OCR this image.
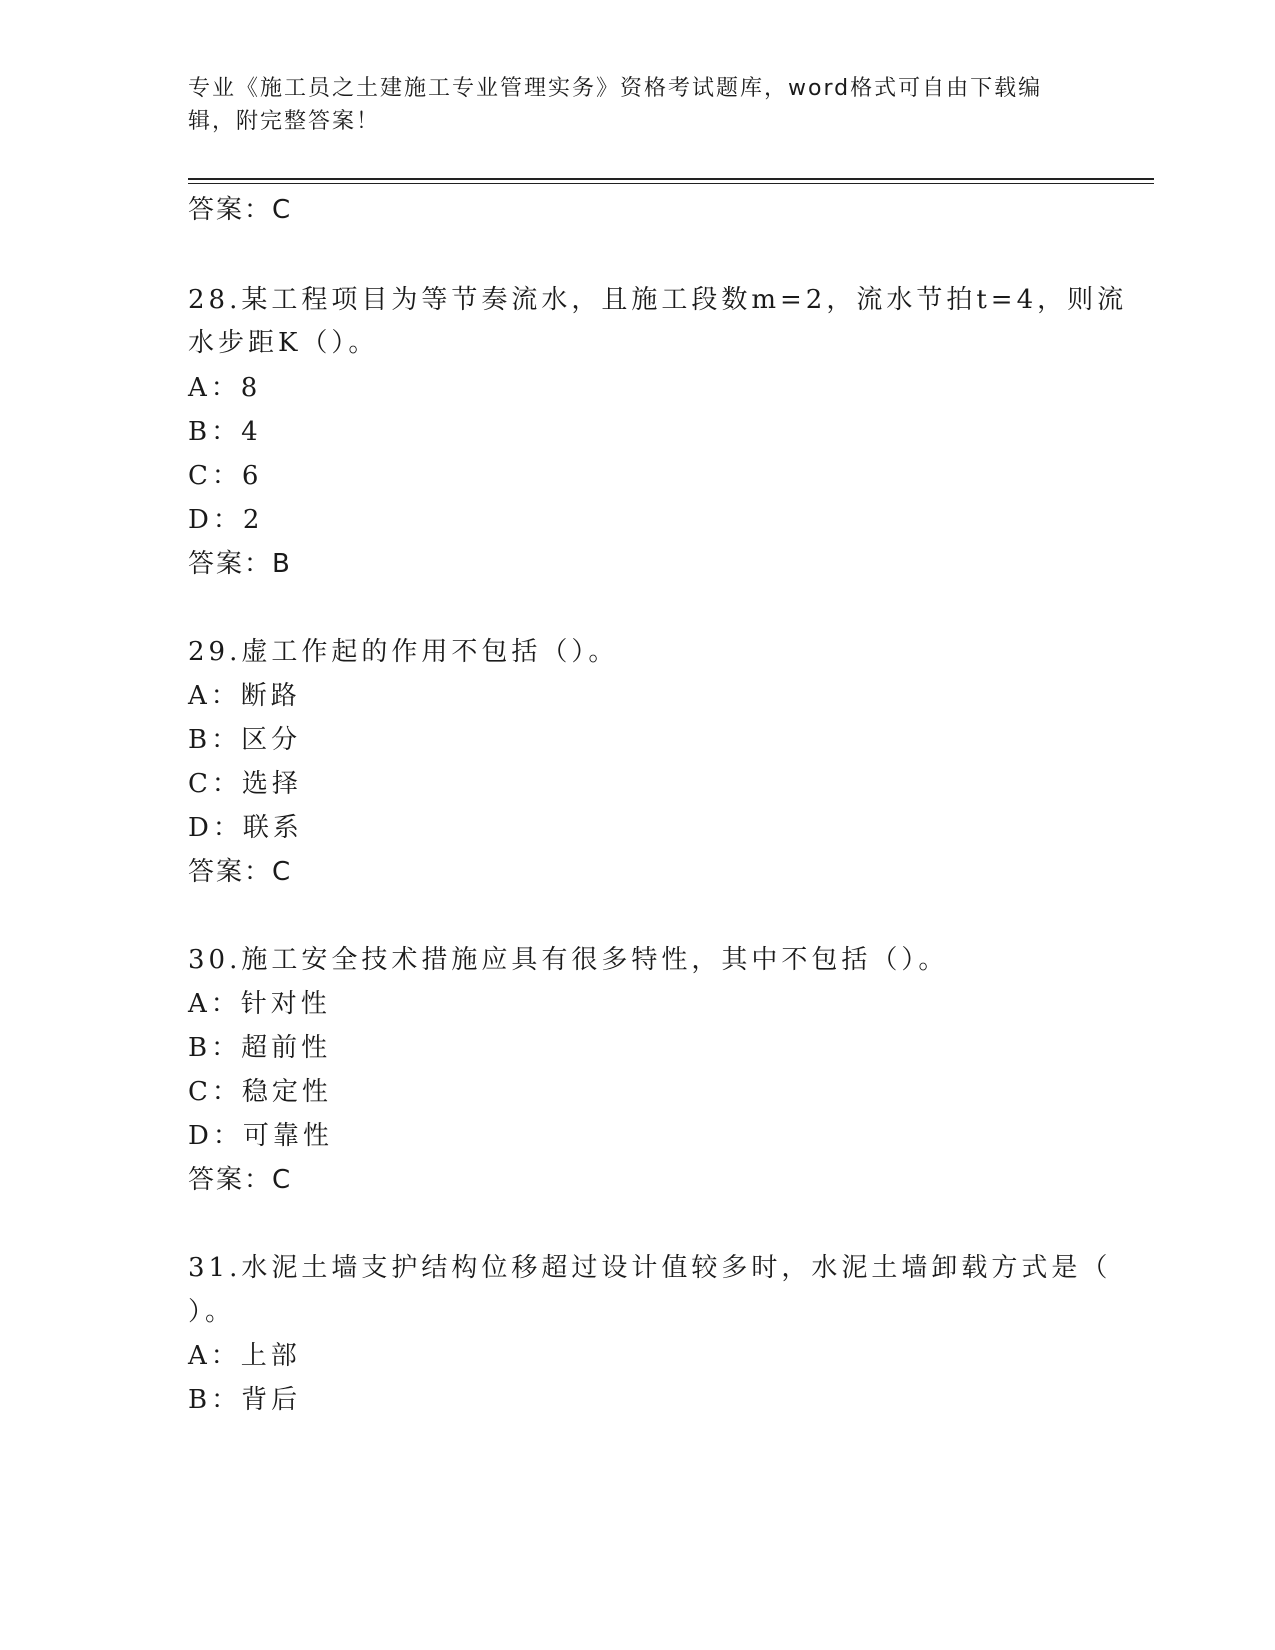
专业《施工员之土建施工专业管理实务》资格考试题库，word格式可自由下载编
辑，附完整答案！
答案：C
28.某工程项目为等节奏流水，且施工段数m=2，流水节拍t=4，则流
水步距K（）。
A：8
B：4
C：6
D：2
答案：B
29.虚工作起的作用不包括（）。
A：断路
B：区分
C：选择
D：联系
答案：C
30.施工安全技术措施应具有很多特性，其中不包括（）。
A：针对性
B：超前性
C：稳定性
D：可靠性
答案：C
31.水泥土墙支护结构位移超过设计值较多时，水泥土墙卸载方式是（
）。
A：上部
B：背后
